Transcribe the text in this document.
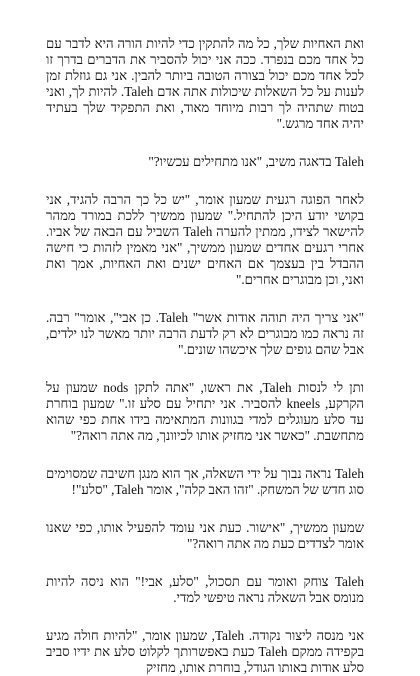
ואת האחיות שלך, כל מה להתקין כדי להיות הורה היא לדבר עם כל אחד מכם בנפרד. ככה אני יכול להסביר את הדברים בדרך זו לכל אחד מכם יכול בצורה הטובה ביותר להבין. אני גם גוזלת זמן לענות על כל השאלות שיכולות אתה אדם Taleh. להיות לך, ואני בטוח שתהיה לך רבות מיוחד מאוד, ואת התפקיד שלך בעתיד יהיה אחד מרגש."

Taleh בדאגה משיב, "אנו מתחילים עכשיו?"

לאחר הפוגה רגעית שמעון אומר, "יש כל כך הרבה להגיד, אני בקושי יודע היכן להתחיל." שמעון ממשיך ללכת במורד ממהר להישאר לצידו, ממתין להערה Taleh השביל עם הבאה של אביו. אחרי רגעים אחדים שמעון ממשיך, "אני מאמין לזהות כי חישה ההבדל בין בעצמך אם האחים ישנים ואת האחיות, אמך ואת ואני, וכן מבוגרים אחרים."

"אני צריך היה תוהה אודות אשר" Taleh. כן אבי", אומר" רבה. זה נראה כמו מבוגרים לא רק לדעת הרבה יותר מאשר לנו ילדים, אבל שהם גופים שלך איכשהו שונים."

ותן לי לנסות Taleh, את ראשו, "אתה לתקן nods שמעון על הקרקע, kneels להסביר. אני יתחיל עם סלע זו." שמעון בוחרת עד סלע מעוגלים למדי בגוונות המתאימה בידו אחת כפי שהוא מתחשבת. "כאשר אני מחזיק אותו לכיוונך, מה אתה רואה?"

Taleh נראה נבוך על ידי השאלה, אך הוא מנגן חשיבה שמסוימים סוג חדש של המשחק. "זהו האב קלה", אומר Taleh, "סלע"!

שמעון ממשיך, "אישור. כעת אני עומד להפעיל אותו, כפי שאנו אומר לצדדים כעת מה אתה רואה?"

Taleh צוחק ואומר עם תסכול, "סלע, אבי!" הוא ניסה להיות מנומס אבל השאלה נראה טיפשי למדי.

אני מנסה ליצור נקודה. Taleh, שמעון אומר, "להיות חולה מגיע בקפידה ממקם Taleh כעת באפשרותך לקלוט סלע את ידיו סביב סלע אודות באותו הגודל, בוחרת אותו, מחזיק
